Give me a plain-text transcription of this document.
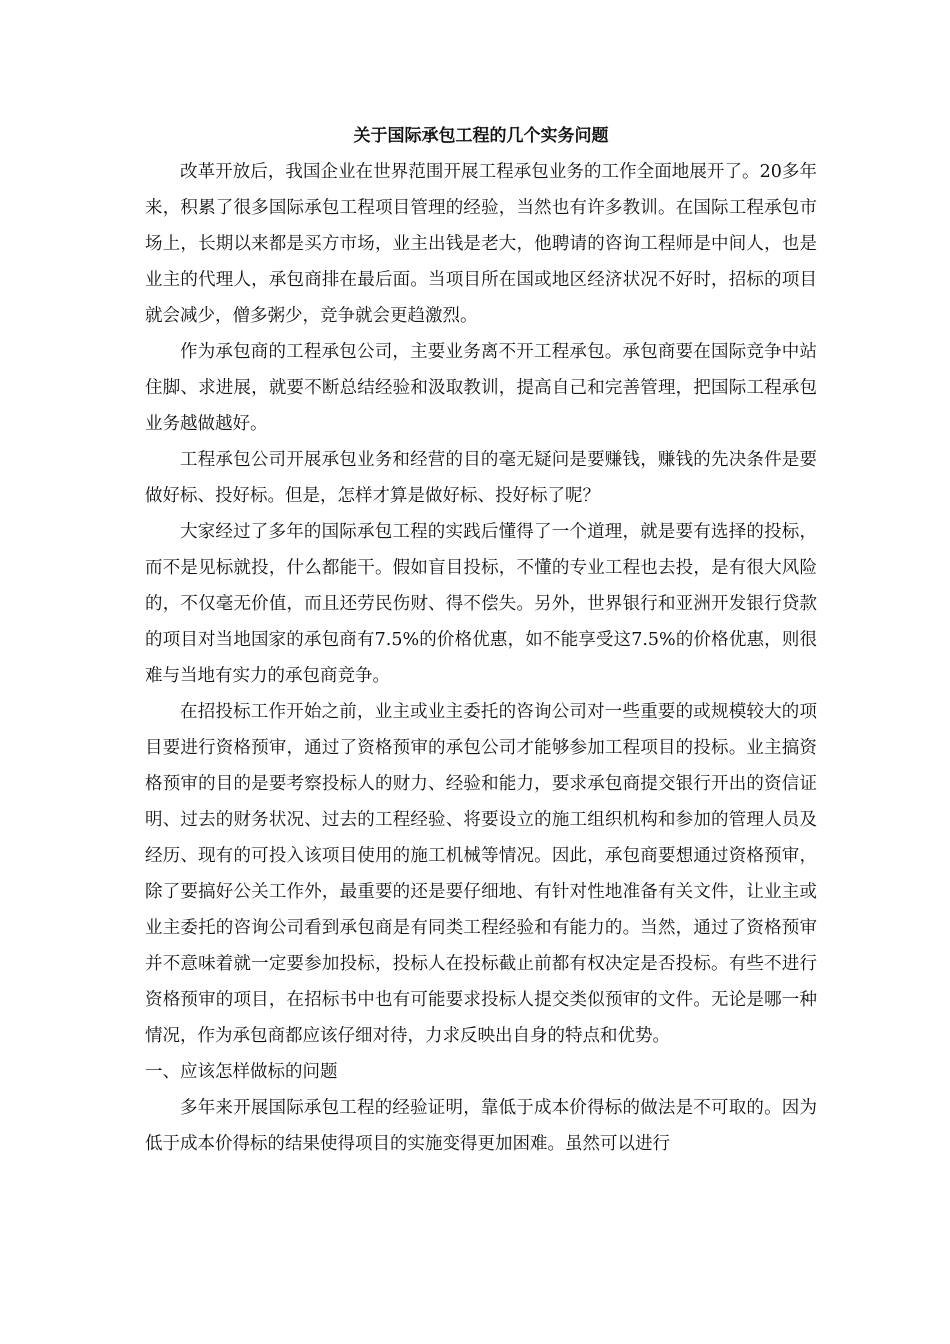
关于国际承包工程的几个实务问题

改革开放后，我国企业在世界范围开展工程承包业务的工作全面地展开了。20多年来，积累了很多国际承包工程项目管理的经验，当然也有许多教训。在国际工程承包市场上，长期以来都是买方市场，业主出钱是老大，他聘请的咨询工程师是中间人，也是业主的代理人，承包商排在最后面。当项目所在国或地区经济状况不好时，招标的项目就会减少，僧多粥少，竞争就会更趋激烈。

作为承包商的工程承包公司，主要业务离不开工程承包。承包商要在国际竞争中站住脚、求进展，就要不断总结经验和汲取教训，提高自己和完善管理，把国际工程承包业务越做越好。

工程承包公司开展承包业务和经营的目的毫无疑问是要赚钱，赚钱的先决条件是要做好标、投好标。但是，怎样才算是做好标、投好标了呢？

大家经过了多年的国际承包工程的实践后懂得了一个道理，就是要有选择的投标，而不是见标就投，什么都能干。假如盲目投标，不懂的专业工程也去投，是有很大风险的，不仅毫无价值，而且还劳民伤财、得不偿失。另外，世界银行和亚洲开发银行贷款的项目对当地国家的承包商有7.5%的价格优惠，如不能享受这7.5%的价格优惠，则很难与当地有实力的承包商竞争。

在招投标工作开始之前，业主或业主委托的咨询公司对一些重要的或规模较大的项目要进行资格预审，通过了资格预审的承包公司才能够参加工程项目的投标。业主搞资格预审的目的是要考察投标人的财力、经验和能力，要求承包商提交银行开出的资信证明、过去的财务状况、过去的工程经验、将要设立的施工组织机构和参加的管理人员及经历、现有的可投入该项目使用的施工机械等情况。因此，承包商要想通过资格预审，除了要搞好公关工作外，最重要的还是要仔细地、有针对性地准备有关文件，让业主或业主委托的咨询公司看到承包商是有同类工程经验和有能力的。当然，通过了资格预审并不意味着就一定要参加投标，投标人在投标截止前都有权决定是否投标。有些不进行资格预审的项目，在招标书中也有可能要求投标人提交类似预审的文件。无论是哪一种情况，作为承包商都应该仔细对待，力求反映出自身的特点和优势。

一、应该怎样做标的问题

多年来开展国际承包工程的经验证明，靠低于成本价得标的做法是不可取的。因为低于成本价得标的结果使得项目的实施变得更加困难。虽然可以进行
